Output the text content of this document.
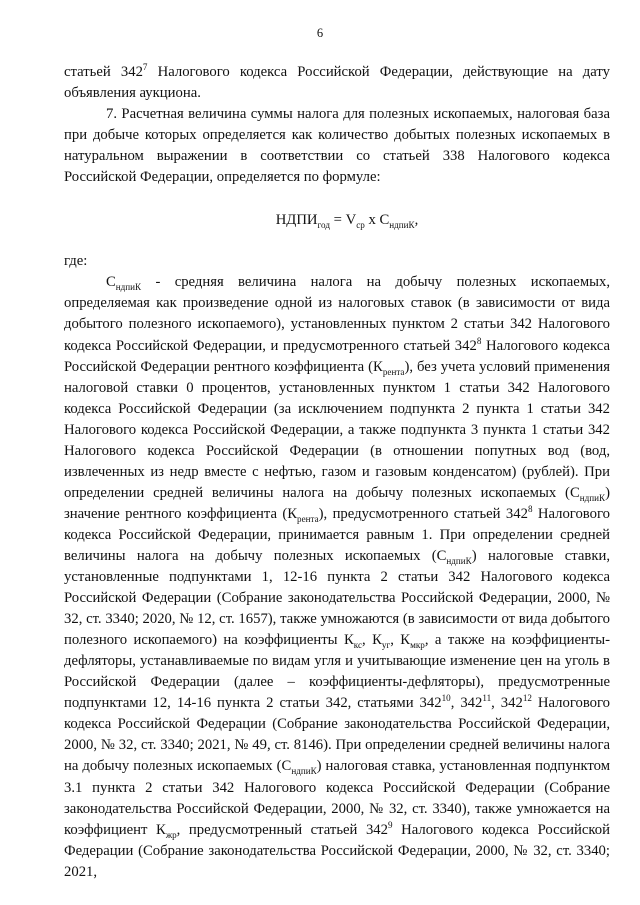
6

статьей $342^7$ Налогового кодекса Российской Федерации, действующие на дату объявления аукциона.

7. Расчетная величина суммы налога для полезных ископаемых, налоговая база при добыче которых определяется как количество добытых полезных ископаемых в натуральном выражении в соответствии со статьей 338 Налогового кодекса Российской Федерации, определяется по формуле:

$НДПИ_{год} = V_{ср}$ х $С_{ндпиК}$,

где:

$С_{ндпиК}$ - средняя величина налога на добычу полезных ископаемых, определяемая как произведение одной из налоговых ставок (в зависимости от вида добытого полезного ископаемого), установленных пунктом 2 статьи 342 Налогового кодекса Российской Федерации, и предусмотренного статьей $342^8$ Налогового кодекса Российской Федерации рентного коэффициента $(К_{рента})$, без учета условий применения налоговой ставки 0 процентов, установленных пунктом 1 статьи 342 Налогового кодекса Российской Федерации (за исключением подпункта 2 пункта 1 статьи 342 Налогового кодекса Российской Федерации, а также подпункта 3 пункта 1 статьи 342 Налогового кодекса Российской Федерации (в отношении попутных вод (вод, извлеченных из недр вместе с нефтью, газом и газовым конденсатом) (рублей). При определении средней величины налога на добычу полезных ископаемых $(С_{ндпиК})$ значение рентного коэффициента $(К_{рента})$, предусмотренного статьей $342^8$ Налогового кодекса Российской Федерации, принимается равным 1. При определении средней величины налога на добычу полезных ископаемых $(С_{ндпиК})$ налоговые ставки, установленные подпунктами 1, 12-16 пункта 2 статьи 342 Налогового кодекса Российской Федерации (Собрание законодательства Российской Федерации, 2000, № 32, ст. 3340; 2020, № 12, ст. 1657), также умножаются (в зависимости от вида добытого полезного ископаемого) на коэффициенты $К_{кс}$, $К_{уг}$, $К_{мкр}$, а также на коэффициенты-дефляторы, устанавливаемые по видам угля и учитывающие изменение цен на уголь в Российской Федерации (далее – коэффициенты-дефляторы), предусмотренные подпунктами 12, 14-16 пункта 2 статьи 342, статьями $342^{10}$, $342^{11}$, $342^{12}$ Налогового кодекса Российской Федерации (Собрание законодательства Российской Федерации, 2000, № 32, ст. 3340; 2021, № 49, ст. 8146). При определении средней величины налога на добычу полезных ископаемых $(С_{ндпиК})$ налоговая ставка, установленная подпунктом 3.1 пункта 2 статьи 342 Налогового кодекса Российской Федерации (Собрание законодательства Российской Федерации, 2000, № 32, ст. 3340), также умножается на коэффициент $К_{жр}$, предусмотренный статьей $342^9$ Налогового кодекса Российской Федерации (Собрание законодательства Российской Федерации, 2000, № 32, ст. 3340; 2021,
